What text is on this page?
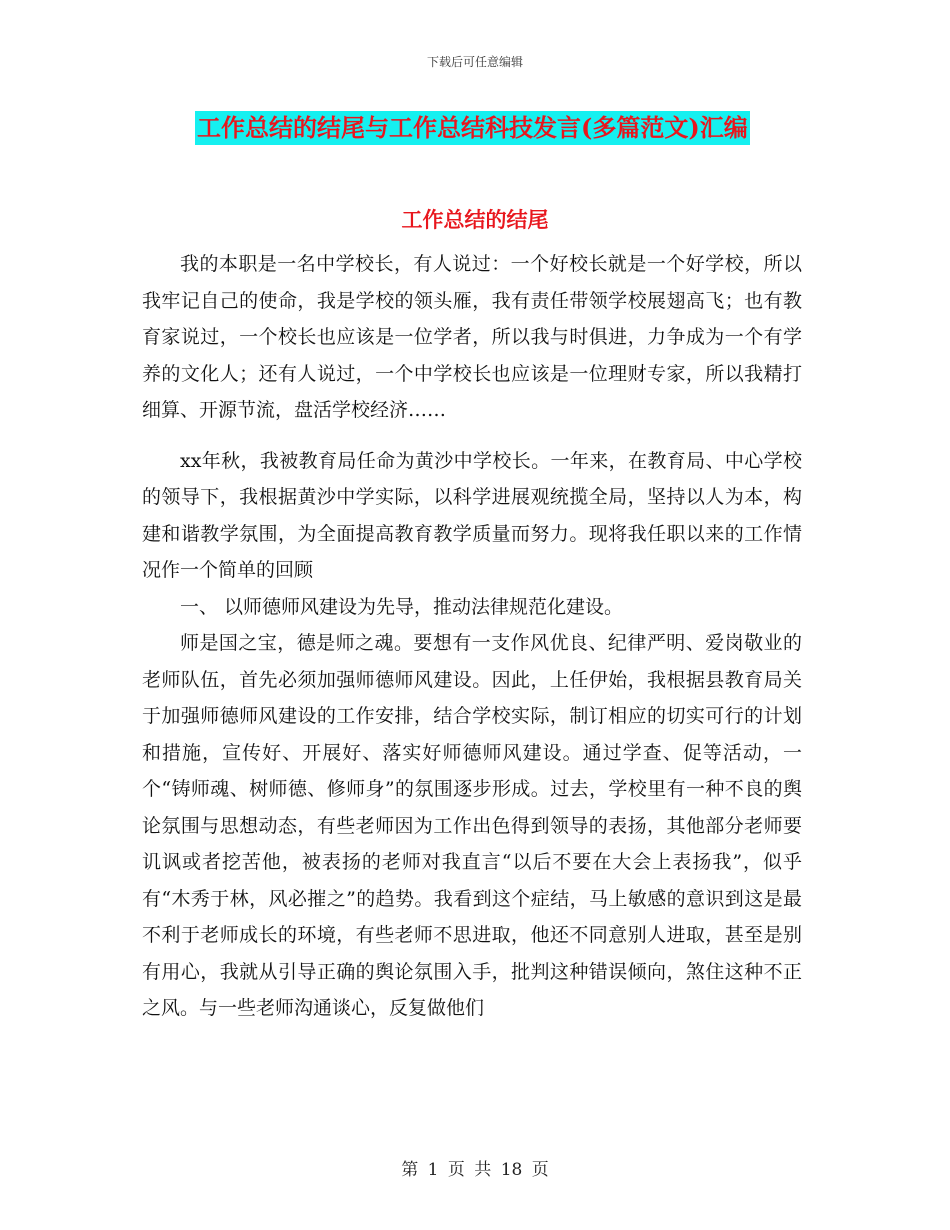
下载后可任意编辑
工作总结的结尾与工作总结科技发言(多篇范文)汇编
工作总结的结尾

我的本职是一名中学校长，有人说过：一个好校长就是一个好学校，所以我牢记自己的使命，我是学校的领头雁，我有责任带领学校展翅高飞；也有教育家说过，一个校长也应该是一位学者，所以我与时俱进，力争成为一个有学养的文化人；还有人说过，一个中学校长也应该是一位理财专家，所以我精打细算、开源节流，盘活学校经济……

xx年秋，我被教育局任命为黄沙中学校长。一年来，在教育局、中心学校的领导下，我根据黄沙中学实际，以科学进展观统揽全局，坚持以人为本，构建和谐教学氛围，为全面提高教育教学质量而努力。现将我任职以来的工作情况作一个简单的回顾

一、 以师德师风建设为先导，推动法律规范化建设。

师是国之宝，德是师之魂。要想有一支作风优良、纪律严明、爱岗敬业的老师队伍，首先必须加强师德师风建设。因此，上任伊始，我根据县教育局关于加强师德师风建设的工作安排，结合学校实际，制订相应的切实可行的计划和措施，宣传好、开展好、落实好师德师风建设。通过学查、促等活动，一个“铸师魂、树师德、修师身”的氛围逐步形成。过去，学校里有一种不良的舆论氛围与思想动态，有些老师因为工作出色得到领导的表扬，其他部分老师要讥讽或者挖苦他，被表扬的老师对我直言“以后不要在大会上表扬我”，似乎有“木秀于林，风必摧之”的趋势。我看到这个症结，马上敏感的意识到这是最不利于老师成长的环境，有些老师不思进取，他还不同意别人进取，甚至是别有用心，我就从引导正确的舆论氛围入手，批判这种错误倾向，煞住这种不正之风。与一些老师沟通谈心，反复做他们

第 1 页 共 18 页
